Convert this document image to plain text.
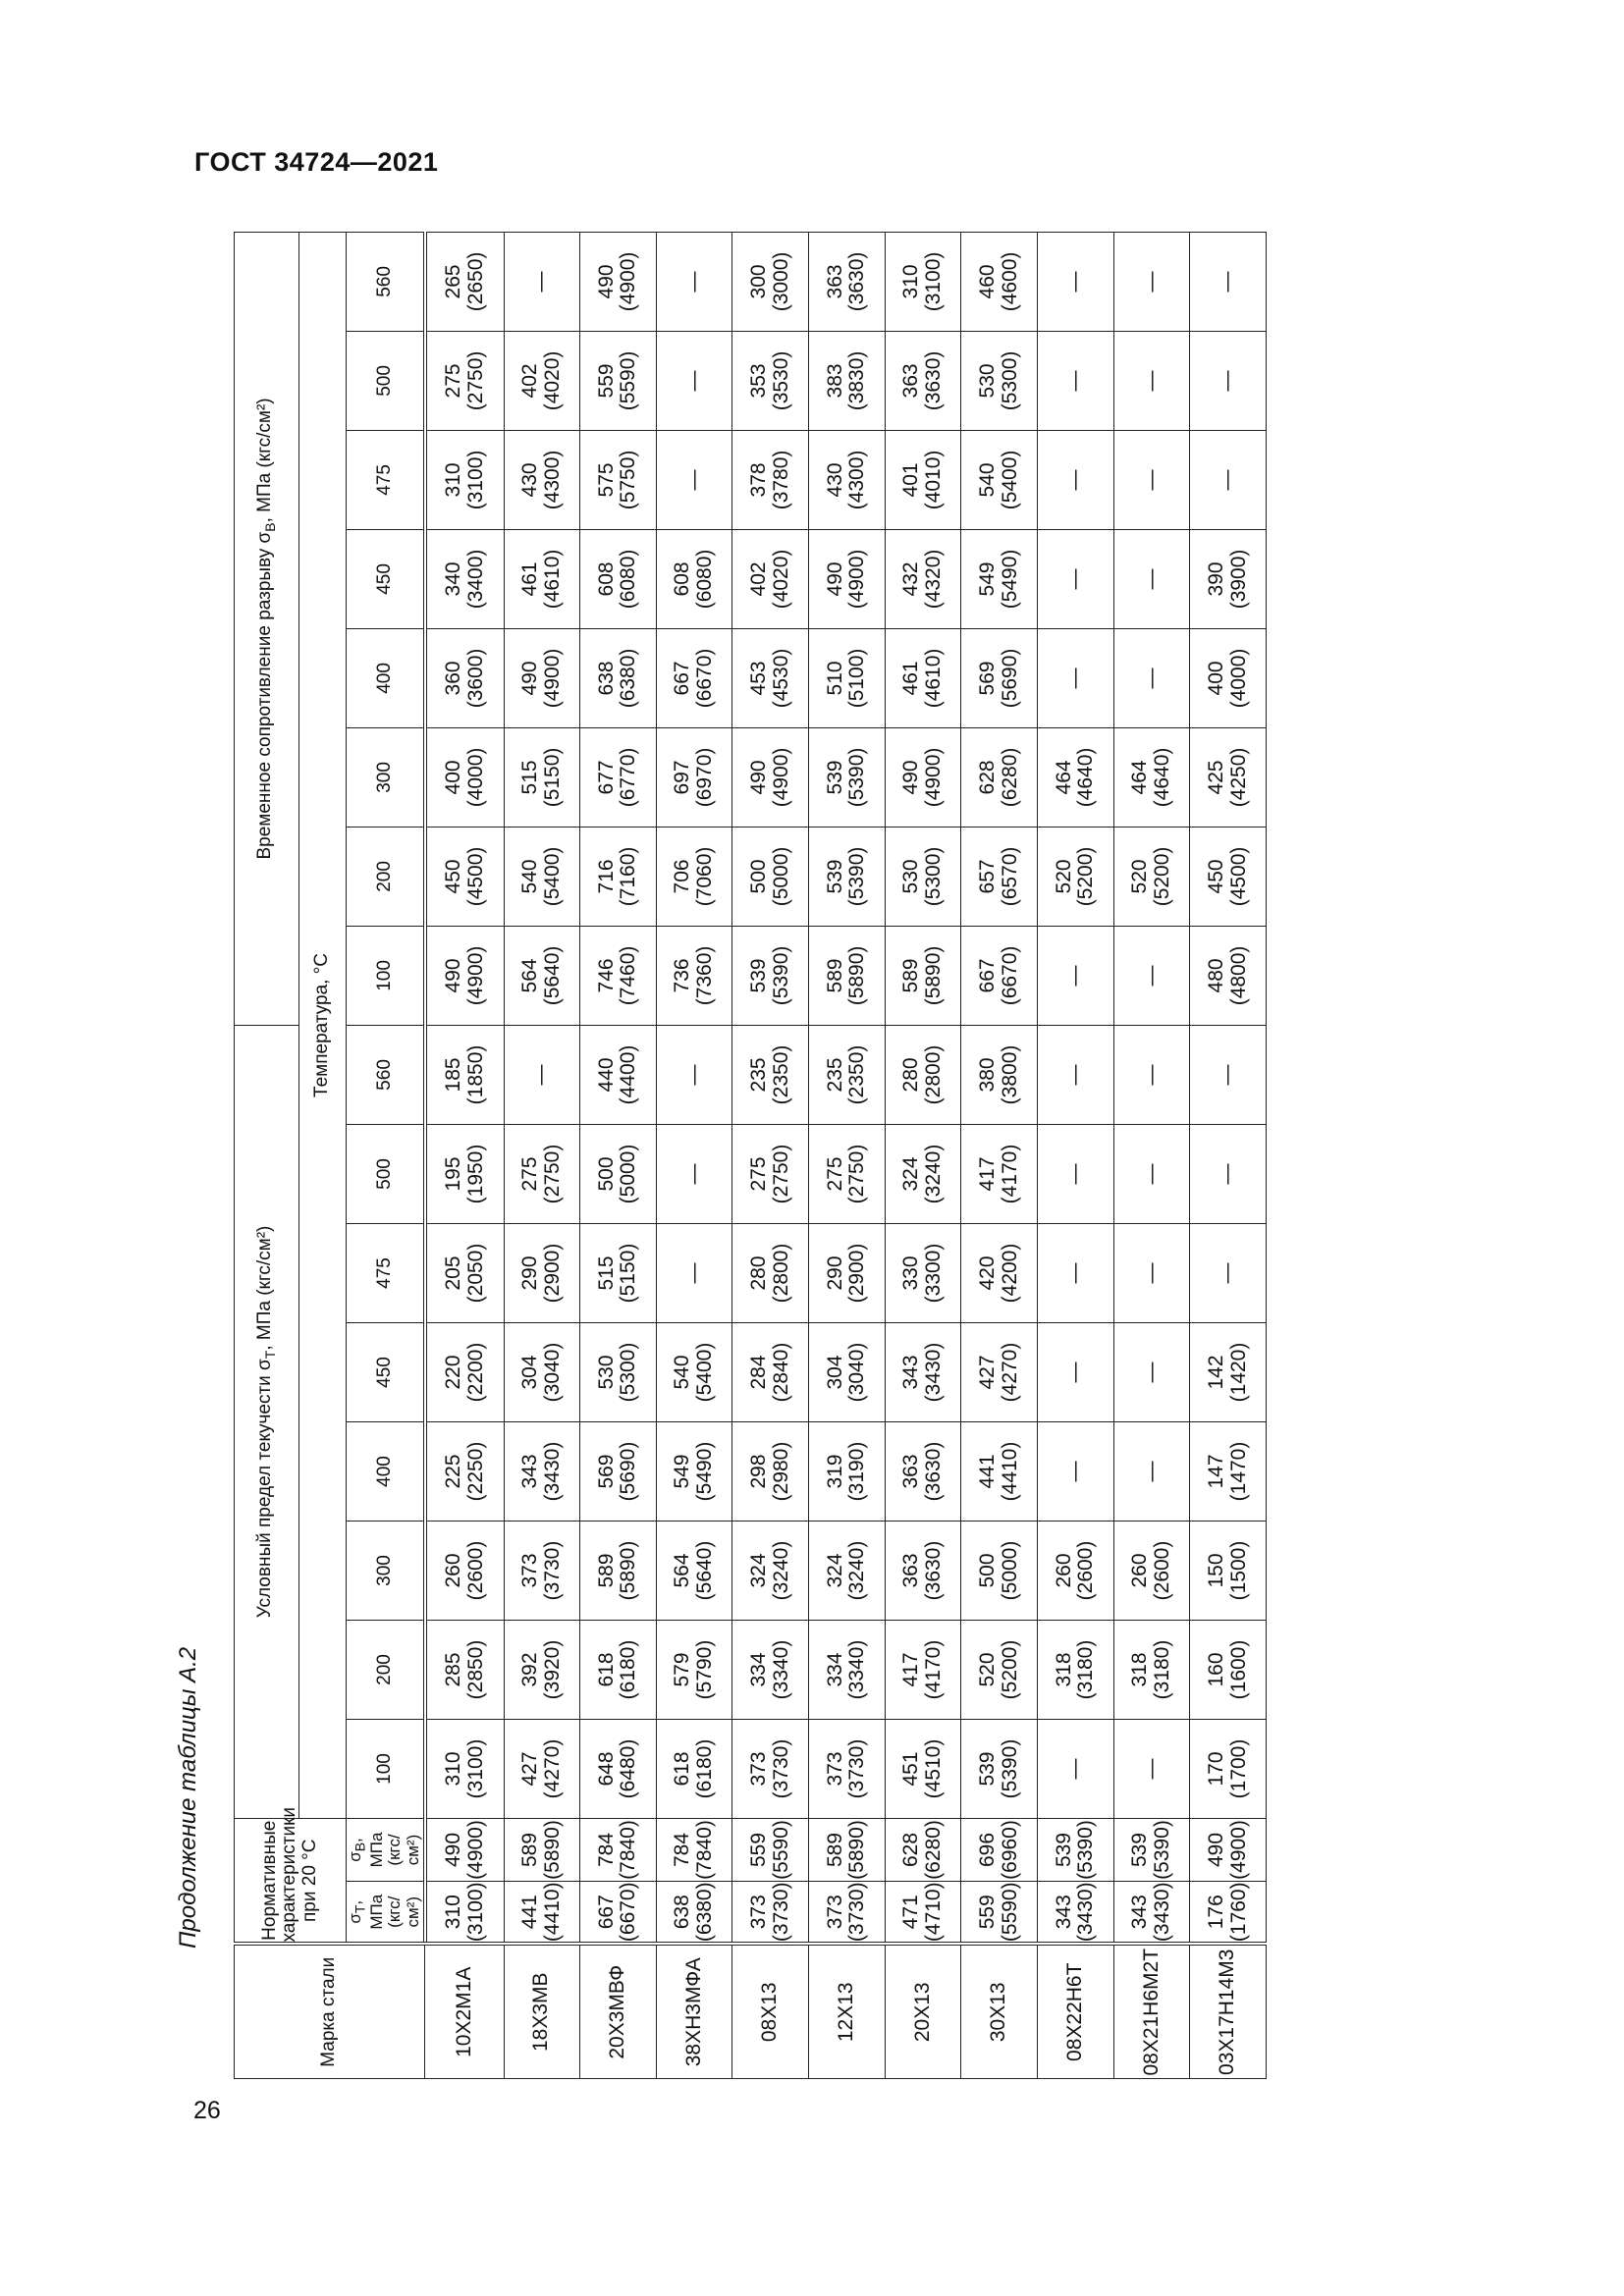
ГОСТ 34724—2021
Продолжение таблицы А.2
26
Марка стали	Нормативные характеристики при 20 °С		Условный предел текучести $\sigma_Т$, МПа (кгс/см²)								Временное сопротивление разрыву $\sigma_В$, МПа (кгс/см²)							
			Температура, °С															
	$\sigma_Т$, МПа (кгс/см²)	$\sigma_В$, МПа (кгс/см²)	100	200	300	400	450	475	500	560	100	200	300	400	450	475	500	560
10Х2М1А	310 (3100)	490 (4900)	310 (3100)	285 (2850)	260 (2600)	225 (2250)	220 (2200)	205 (2050)	195 (1950)	185 (1850)	490 (4900)	450 (4500)	400 (4000)	360 (3600)	340 (3400)	310 (3100)	275 (2750)	265 (2650)

18Х3МВ	441 (4410)	589 (5890)	427 (4270)	392 (3920)	373 (3730)	343 (3430)	304 (3040)	290 (2900)	275 (2750)	—	564 (5640)	540 (5400)	515 (5150)	490 (4900)	461 (4610)	430 (4300)	402 (4020)	—

20Х3МВФ	667 (6670)	784 (7840)	648 (6480)	618 (6180)	589 (5890)	569 (5690)	530 (5300)	515 (5150)	500 (5000)	440 (4400)	746 (7460)	716 (7160)	677 (6770)	638 (6380)	608 (6080)	575 (5750)	559 (5590)	490 (4900)

38ХН3МФА	638 (6380)	784 (7840)	618 (6180)	579 (5790)	564 (5640)	549 (5490)	540 (5400)	—	—	—	736 (7360)	706 (7060)	697 (6970)	667 (6670)	608 (6080)	—	—	—

08Х13	373 (3730)	559 (5590)	373 (3730)	334 (3340)	324 (3240)	298 (2980)	284 (2840)	280 (2800)	275 (2750)	235 (2350)	539 (5390)	500 (5000)	490 (4900)	453 (4530)	402 (4020)	378 (3780)	353 (3530)	300 (3000)

12Х13	373 (3730)	589 (5890)	373 (3730)	334 (3340)	324 (3240)	319 (3190)	304 (3040)	290 (2900)	275 (2750)	235 (2350)	589 (5890)	539 (5390)	539 (5390)	510 (5100)	490 (4900)	430 (4300)	383 (3830)	363 (3630)

20Х13	471 (4710)	628 (6280)	451 (4510)	417 (4170)	363 (3630)	363 (3630)	343 (3430)	330 (3300)	324 (3240)	280 (2800)	589 (5890)	530 (5300)	490 (4900)	461 (4610)	432 (4320)	401 (4010)	363 (3630)	310 (3100)

30Х13	559 (5590)	696 (6960)	539 (5390)	520 (5200)	500 (5000)	441 (4410)	427 (4270)	420 (4200)	417 (4170)	380 (3800)	667 (6670)	657 (6570)	628 (6280)	569 (5690)	549 (5490)	540 (5400)	530 (5300)	460 (4600)

08Х22Н6Т	343 (3430)	539 (5390)	—	318 (3180)	260 (2600)	—	—	—	—	—	—	520 (5200)	464 (4640)	—	—	—	—	—

08Х21Н6М2Т	343 (3430)	539 (5390)	—	318 (3180)	260 (2600)	—	—	—	—	—	—	520 (5200)	464 (4640)	—	—	—	—	—

03Х17Н14М3	176 (1760)	490 (4900)	170 (1700)	160 (1600)	150 (1500)	147 (1470)	142 (1420)	—	—	—	480 (4800)	450 (4500)	425 (4250)	400 (4000)	390 (3900)	—	—	—
